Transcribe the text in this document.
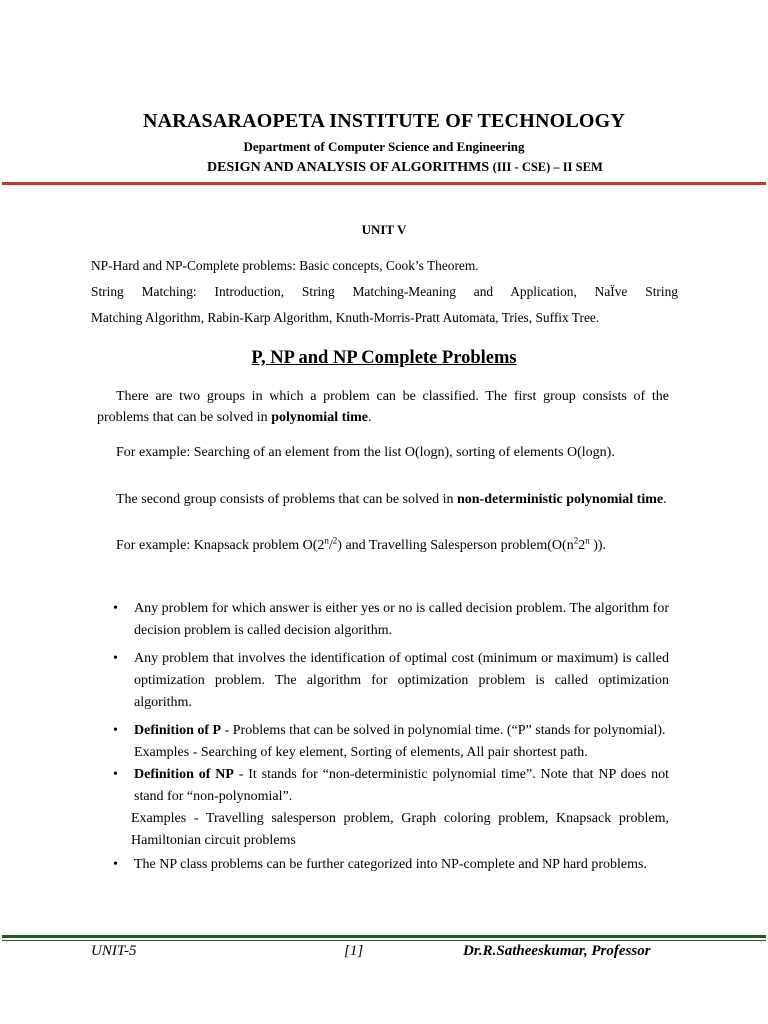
NARASARAOPETA INSTITUTE OF TECHNOLOGY
Department of Computer Science and Engineering
DESIGN AND ANALYSIS OF ALGORITHMS (III - CSE) – II SEM
UNIT V
NP-Hard and NP-Complete problems: Basic concepts, Cook’s Theorem.
String Matching: Introduction, String Matching-Meaning and Application, NaÏve String
Matching Algorithm, Rabin-Karp Algorithm, Knuth-Morris-Pratt Automata, Tries, Suffix Tree.
P, NP and NP Complete Problems
There are two groups in which a problem can be classified. The first group consists of the problems that can be solved in polynomial time.
For example: Searching of an element from the list O(logn), sorting of elements O(logn).
The second group consists of problems that can be solved in non-deterministic polynomial time.
For example: Knapsack problem O(2$^n$/$^2$) and Travelling Salesperson $problem(O(n^22^n$ )).
• Any problem for which answer is either yes or no is called decision problem. The algorithm for decision problem is called decision algorithm.
• Any problem that involves the identification of optimal cost (minimum or maximum) is called optimization problem. The algorithm for optimization problem is called optimization algorithm.
• Definition of P - Problems that can be solved in polynomial time. (“P” stands for polynomial).
Examples - Searching of key element, Sorting of elements, All pair shortest path.
• Definition of NP - It stands for “non-deterministic polynomial time”. Note that NP does not stand for “non-polynomial”.
Examples - Travelling salesperson problem, Graph coloring problem, Knapsack problem, Hamiltonian circuit problems
• The NP class problems can be further categorized into NP-complete and NP hard problems.
UNIT-5	[1]	Dr.R.Satheeskumar, Professor
